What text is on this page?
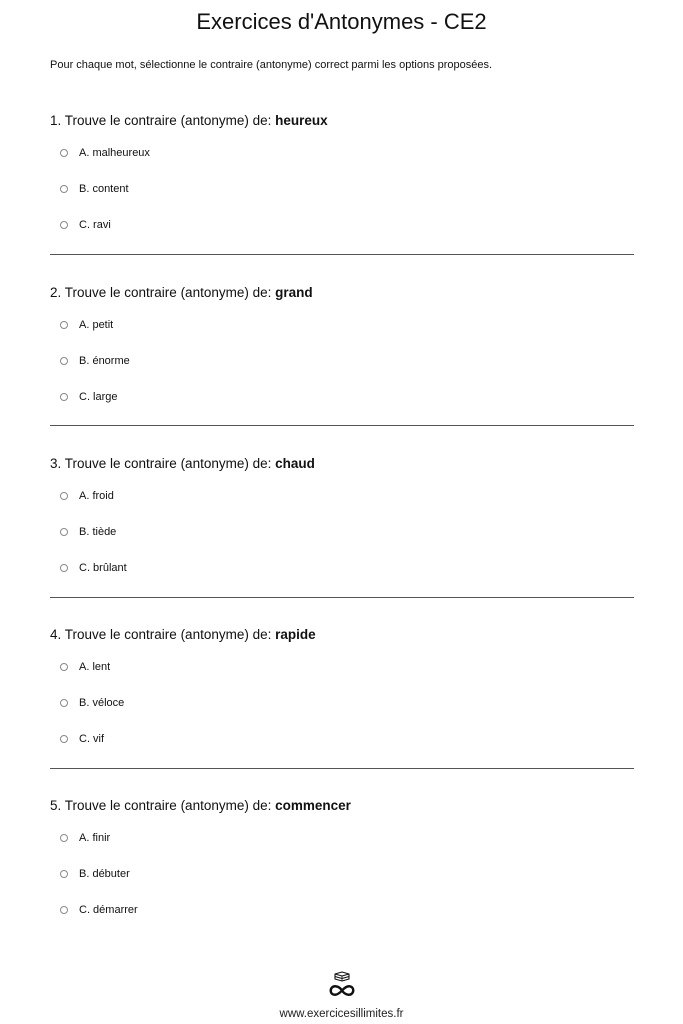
Exercices d'Antonymes - CE2
Pour chaque mot, sélectionne le contraire (antonyme) correct parmi les options proposées.
1. Trouve le contraire (antonyme) de: heureux
A. malheureux
B. content
C. ravi
2. Trouve le contraire (antonyme) de: grand
A. petit
B. énorme
C. large
3. Trouve le contraire (antonyme) de: chaud
A. froid
B. tiède
C. brûlant
4. Trouve le contraire (antonyme) de: rapide
A. lent
B. véloce
C. vif
5. Trouve le contraire (antonyme) de: commencer
A. finir
B. débuter
C. démarrer
www.exercicesillimites.fr
